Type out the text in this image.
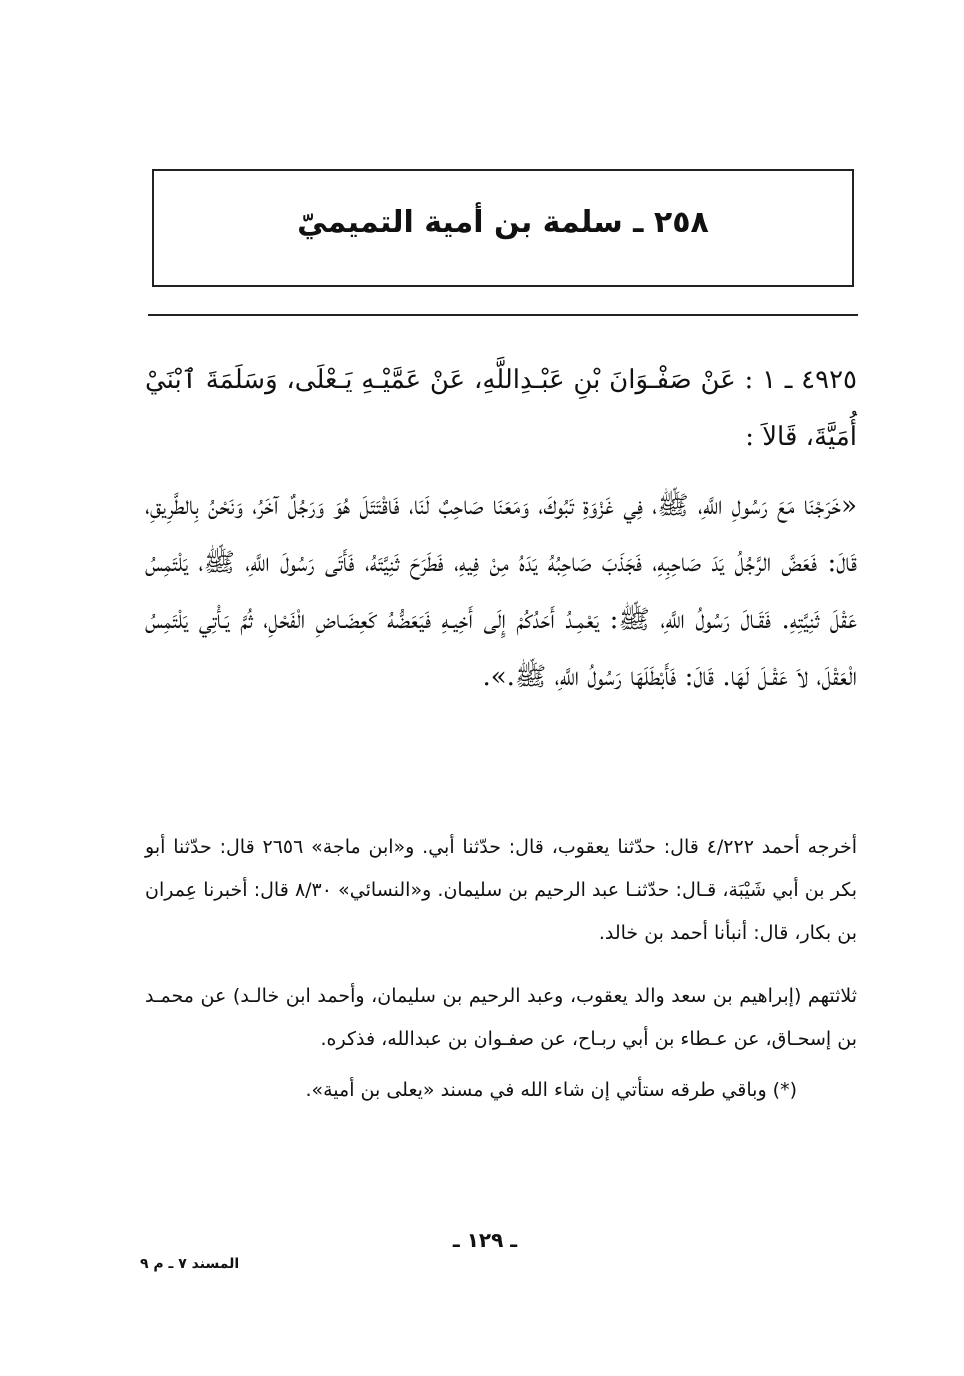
٢٥٨ ـ سلمة بن أمية التميميّ

٤٩٢٥ ـ ١ : عَنْ صَفْـوَانَ بْنِ عَبْـدِاللَّهِ، عَنْ عَمَّيْـهِ يَـعْلَى، وَسَلَمَةَ ٱبْنَيْ أُمَيَّةَ، قَالاَ :

«خَرَجْنَا مَعَ رَسُولِ اللَّهِ، ﷺ، فِي غَزْوَةِ تَبُوكَ، وَمَعَنَا صَاحِبٌ لَنَا، فَاقْتَتَلَ هُوَ وَرَجُلٌ آخَرُ، وَنَحْنُ بِالطَّرِيقِ، قَالَ: فَعَضَّ الرَّجُلُ يَدَ صَاحِبِهِ، فَجَذَبَ صَاحِبُهُ يَدَهُ مِنْ فِيهِ، فَطَرَحَ ثَنِيَّتَهُ، فَأَتَى رَسُولَ اللَّهِ، ﷺ، يَلْتَمِسُ عَقْلَ ثَنِيَّتِهِ. فَقَـالَ رَسُولُ اللَّهِ، ﷺ: يَعْمِـدُ أَحَدُكُمْ إِلَى أَخِيـهِ فَيَعَضُّهُ كَعِضَـاضِ الْفَحْلِ، ثُمَّ يَـأْتِي يَلْتَمِسُ الْعَقْلَ، لاَ عَقْـلَ لَهَا. قَالَ: فَأَبْطَلَهَا رَسُولُ اللَّهِ، ﷺ.».

أخرجه أحمد ٤/٢٢٢ قال: حدّثنا يعقوب، قال: حدّثنا أبي. و«ابن ماجة» ٢٦٥٦ قال: حدّثنا أبو بكر بن أبي شَيْبَة، قـال: حدّثنـا عبد الرحيم بن سليمان. و«النسائي» ٨/٣٠ قال: أخبرنا عِمران بن بكار، قال: أنبأنا أحمد بن خالد.

ثلاثتهم (إبراهيم بن سعد والد يعقوب، وعبد الرحيم بن سليمان، وأحمد ابن خالـد) عن محمـد بن إسحـاق، عن عـطاء بن أبي ربـاح، عن صفـوان بن عبدالله، فذكره.

(*) وباقي طرقه ستأتي إن شاء الله في مسند «يعلى بن أمية».

ـ ١٢٩ ـ
المسند ٧ ـ م ٩
